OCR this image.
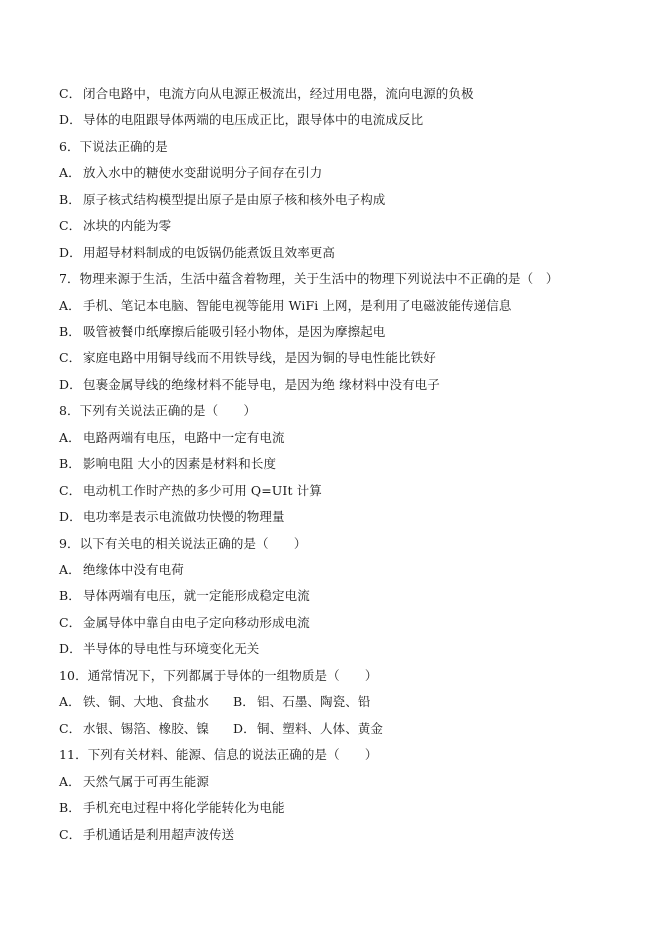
C． 闭合电路中，电流方向从电源正极流出，经过用电器，流向电源的负极
D．导体的电阻跟导体两端的电压成正比，跟导体中的电流成反比
6．下说法正确的是
A． 放入水中的糖使水变甜说明分子间存在引力
B． 原子核式结构模型提出原子是由原子核和核外电子构成
C． 冰块的内能为零
D．用超导材料制成的电饭锅仍能煮饭且效率更高
7．物理来源于生活，生活中蕴含着物理，关于生活中的物理下列说法中不正确的是（　）
A． 手机、笔记本电脑、智能电视等能用 WiFi 上网，是利用了电磁波能传递信息
B． 吸管被餐巾纸摩擦后能吸引轻小物体，是因为摩擦起电
C． 家庭电路中用铜导线而不用铁导线，是因为铜的导电性能比铁好
D．包裹金属导线的绝缘材料不能导电，是因为绝 缘材料中没有电子
8．下列有关说法正确的是（　　）
A． 电路两端有电压，电路中一定有电流
B． 影响电阻 大小的因素是材料和长度
C． 电动机工作时产热的多少可用 Q=UIt 计算
D．电功率是表示电流做功快慢的物理量
9．以下有关电的相关说法正确的是（　　）
A． 绝缘体中没有电荷
B． 导体两端有电压，就一定能形成稳定电流
C． 金属导体中靠自由电子定向移动形成电流
D．半导体的导电性与环境变化无关
10．通常情况下，下列都属于导体的一组物质是（　　）
A． 铁、铜、大地、食盐水 B． 铝、石墨、陶瓷、铅
C． 水银、锡箔、橡胶、镍 D．铜、塑料、人体、黄金
11．下列有关材料、能源、信息的说法正确的是（　　）
A． 天然气属于可再生能源
B． 手机充电过程中将化学能转化为电能
C． 手机通话是利用超声波传送
